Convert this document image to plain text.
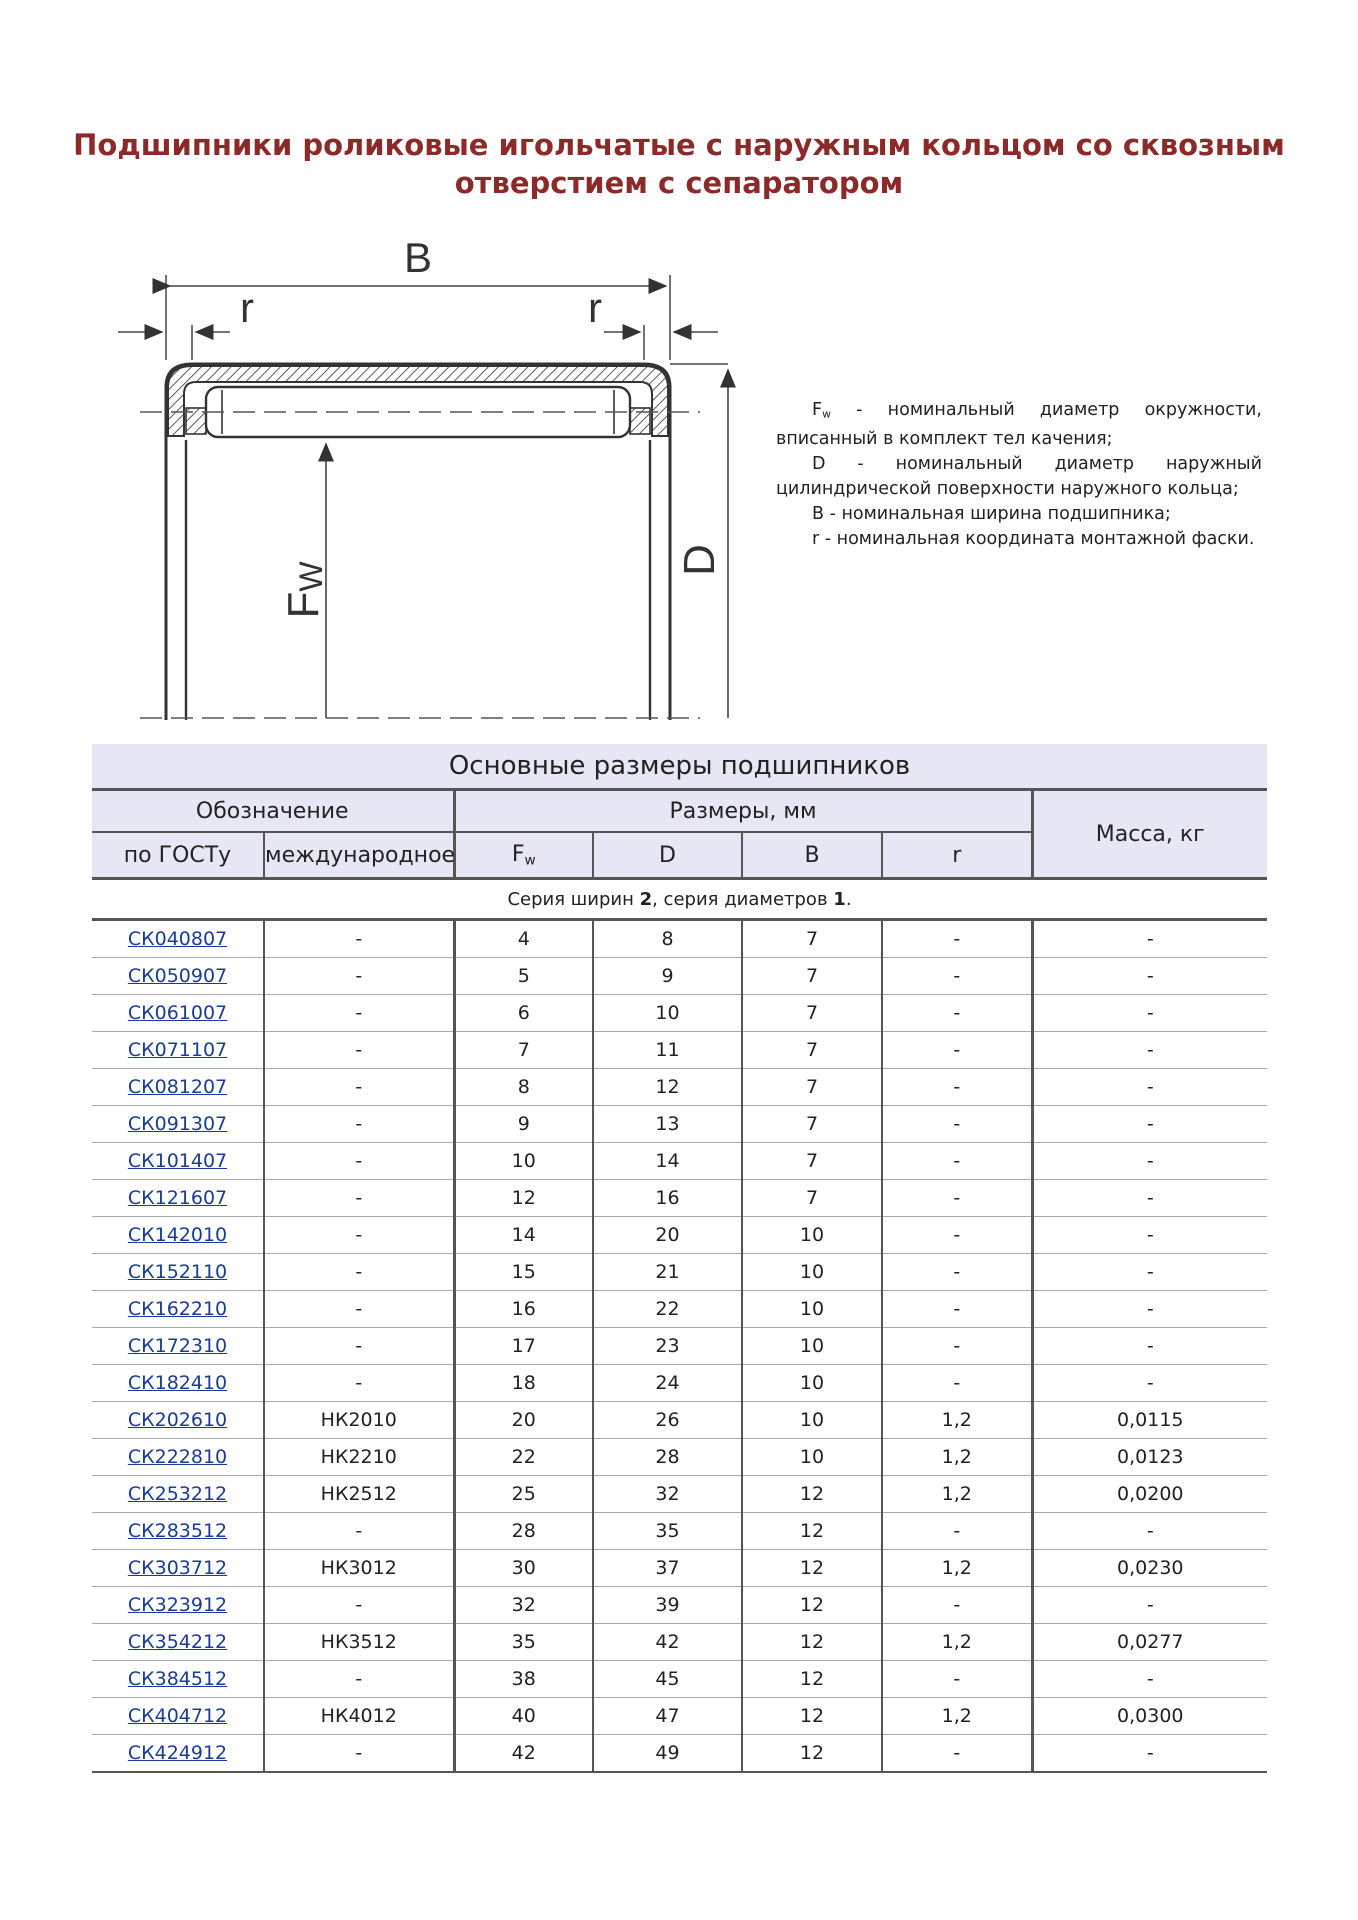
Подшипники роликовые игольчатые с наружным кольцом со сквозным
отверстием с сепаратором
B
r	r
FW
D

$F_w$ - номинальный диаметр окружности,

вписанный в комплект тел качения;

D - номинальный диаметр наружный

цилиндрической поверхности наружного кольца;

B - номинальная ширина подшипника;

r - номинальная координата монтажной фаски.

Основные размеры подшипников						
Обозначение		Размеры, мм				Масса, кг
по ГОСТу	международное	$F_w$	D	B	r	
Серия ширин 2, серия диаметров 1.						
СК040807	-	4	8	7	-	-
СК050907	-	5	9	7	-	-
СК061007	-	6	10	7	-	-
СК071107	-	7	11	7	-	-
СК081207	-	8	12	7	-	-
СК091307	-	9	13	7	-	-
СК101407	-	10	14	7	-	-
СК121607	-	12	16	7	-	-
СК142010	-	14	20	10	-	-
СК152110	-	15	21	10	-	-
СК162210	-	16	22	10	-	-
СК172310	-	17	23	10	-	-
СК182410	-	18	24	10	-	-
СК202610	НК2010	20	26	10	1,2	0,0115
СК222810	НК2210	22	28	10	1,2	0,0123
СК253212	НК2512	25	32	12	1,2	0,0200
СК283512	-	28	35	12	-	-
СК303712	НК3012	30	37	12	1,2	0,0230
СК323912	-	32	39	12	-	-
СК354212	НК3512	35	42	12	1,2	0,0277
СК384512	-	38	45	12	-	-
СК404712	НК4012	40	47	12	1,2	0,0300
СК424912	-	42	49	12	-	-
